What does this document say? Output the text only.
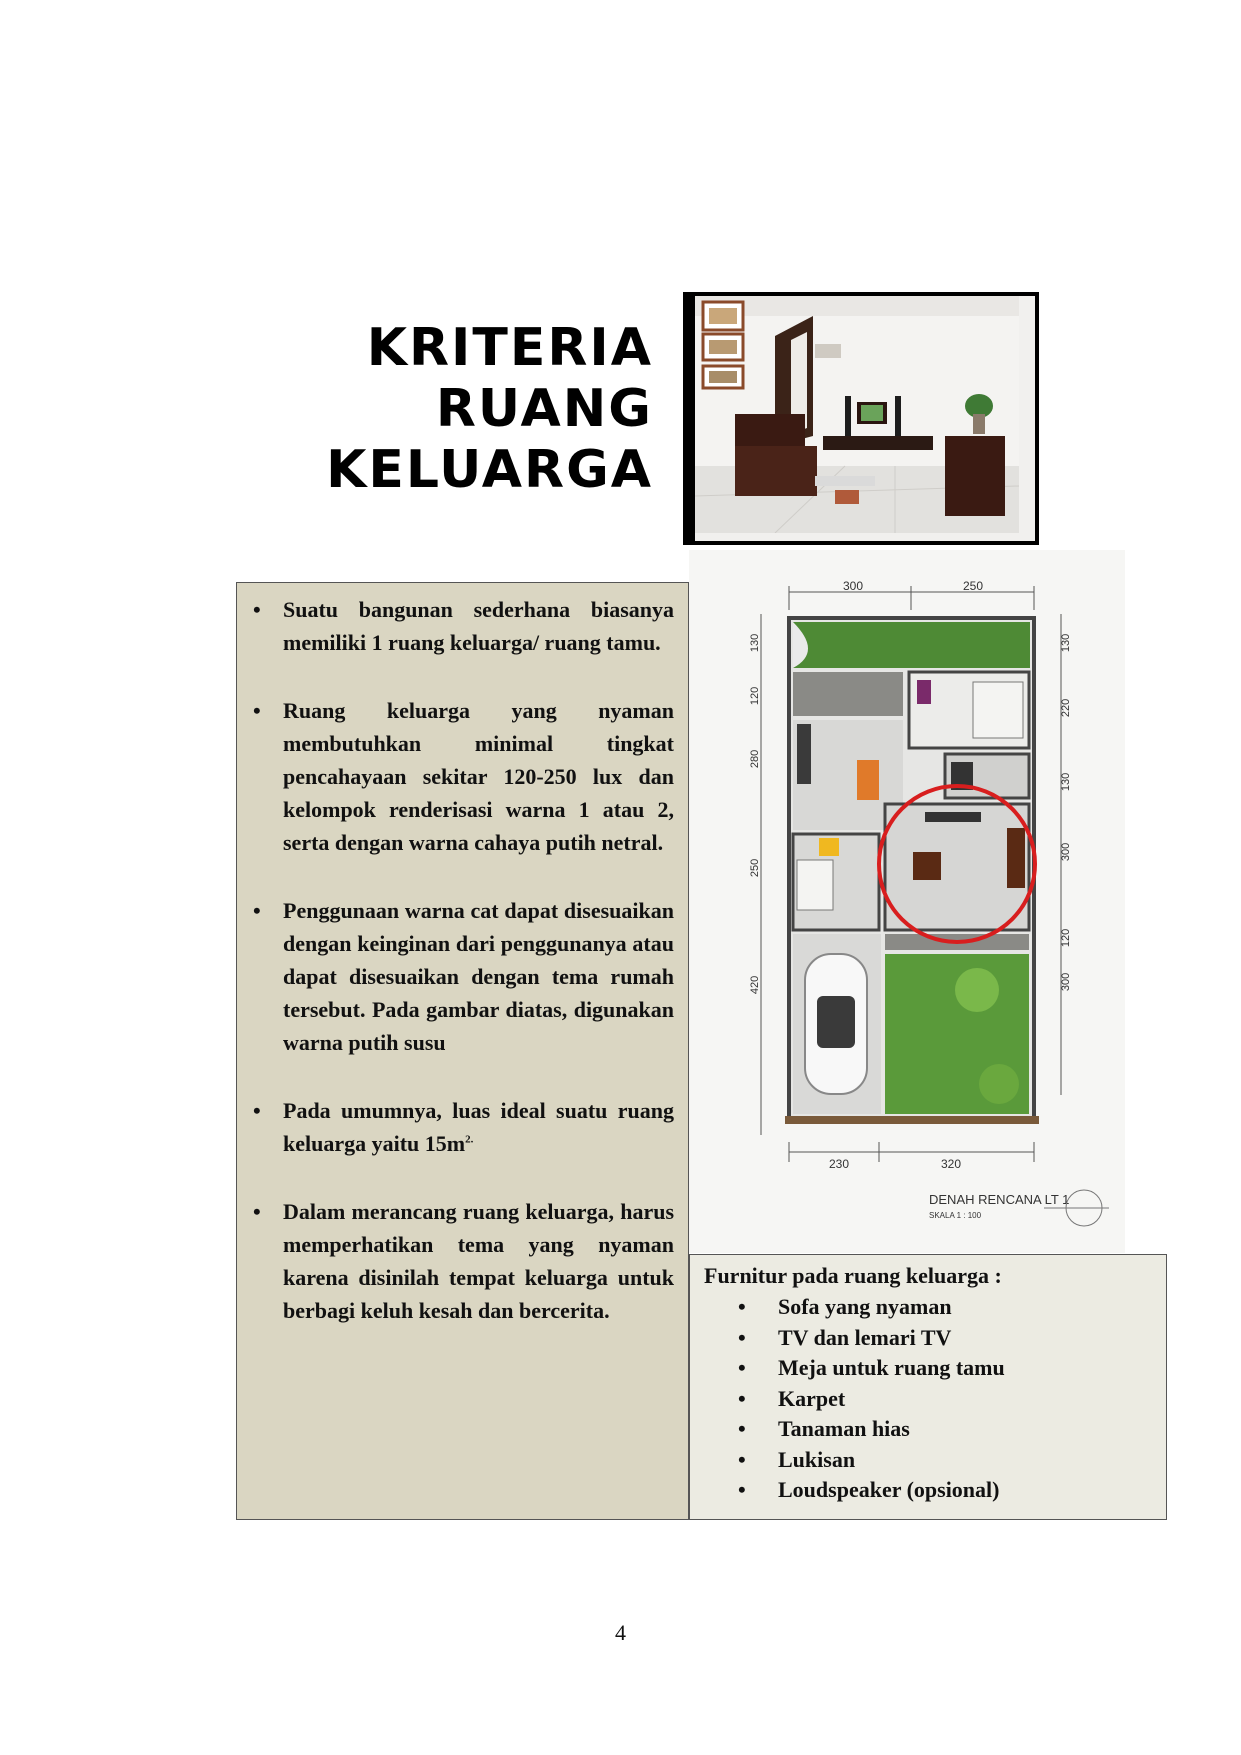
KRITERIA
RUANG
KELUARGA
• Suatu bangunan sederhana biasanya memiliki 1 ruang keluarga/ ruang tamu.
• Ruang keluarga yang nyaman membutuhkan minimal tingkat pencahayaan sekitar 120-250 lux dan kelompok renderisasi warna 1 atau 2, serta dengan warna cahaya putih netral.
• Penggunaan warna cat dapat disesuaikan dengan keinginan dari penggunanya atau dapat disesuaikan dengan tema rumah tersebut. Pada gambar diatas, digunakan warna putih susu
• Pada umumnya, luas ideal suatu ruang keluarga yaitu $15m^{2.}$
• Dalam merancang ruang keluarga, harus memperhatikan tema yang nyaman karena disinilah tempat keluarga untuk berbagi keluh kesah dan bercerita.
300	250
230	320
130
120
280
250
420
130
220
130
300
120
300
DENAH RENCANA LT 1
SKALA 1 : 100
Furnitur pada ruang keluarga :
• Sofa yang nyaman
• TV dan lemari TV
• Meja untuk ruang tamu
• Karpet
• Tanaman hias
• Lukisan
• Loudspeaker (opsional)
4
